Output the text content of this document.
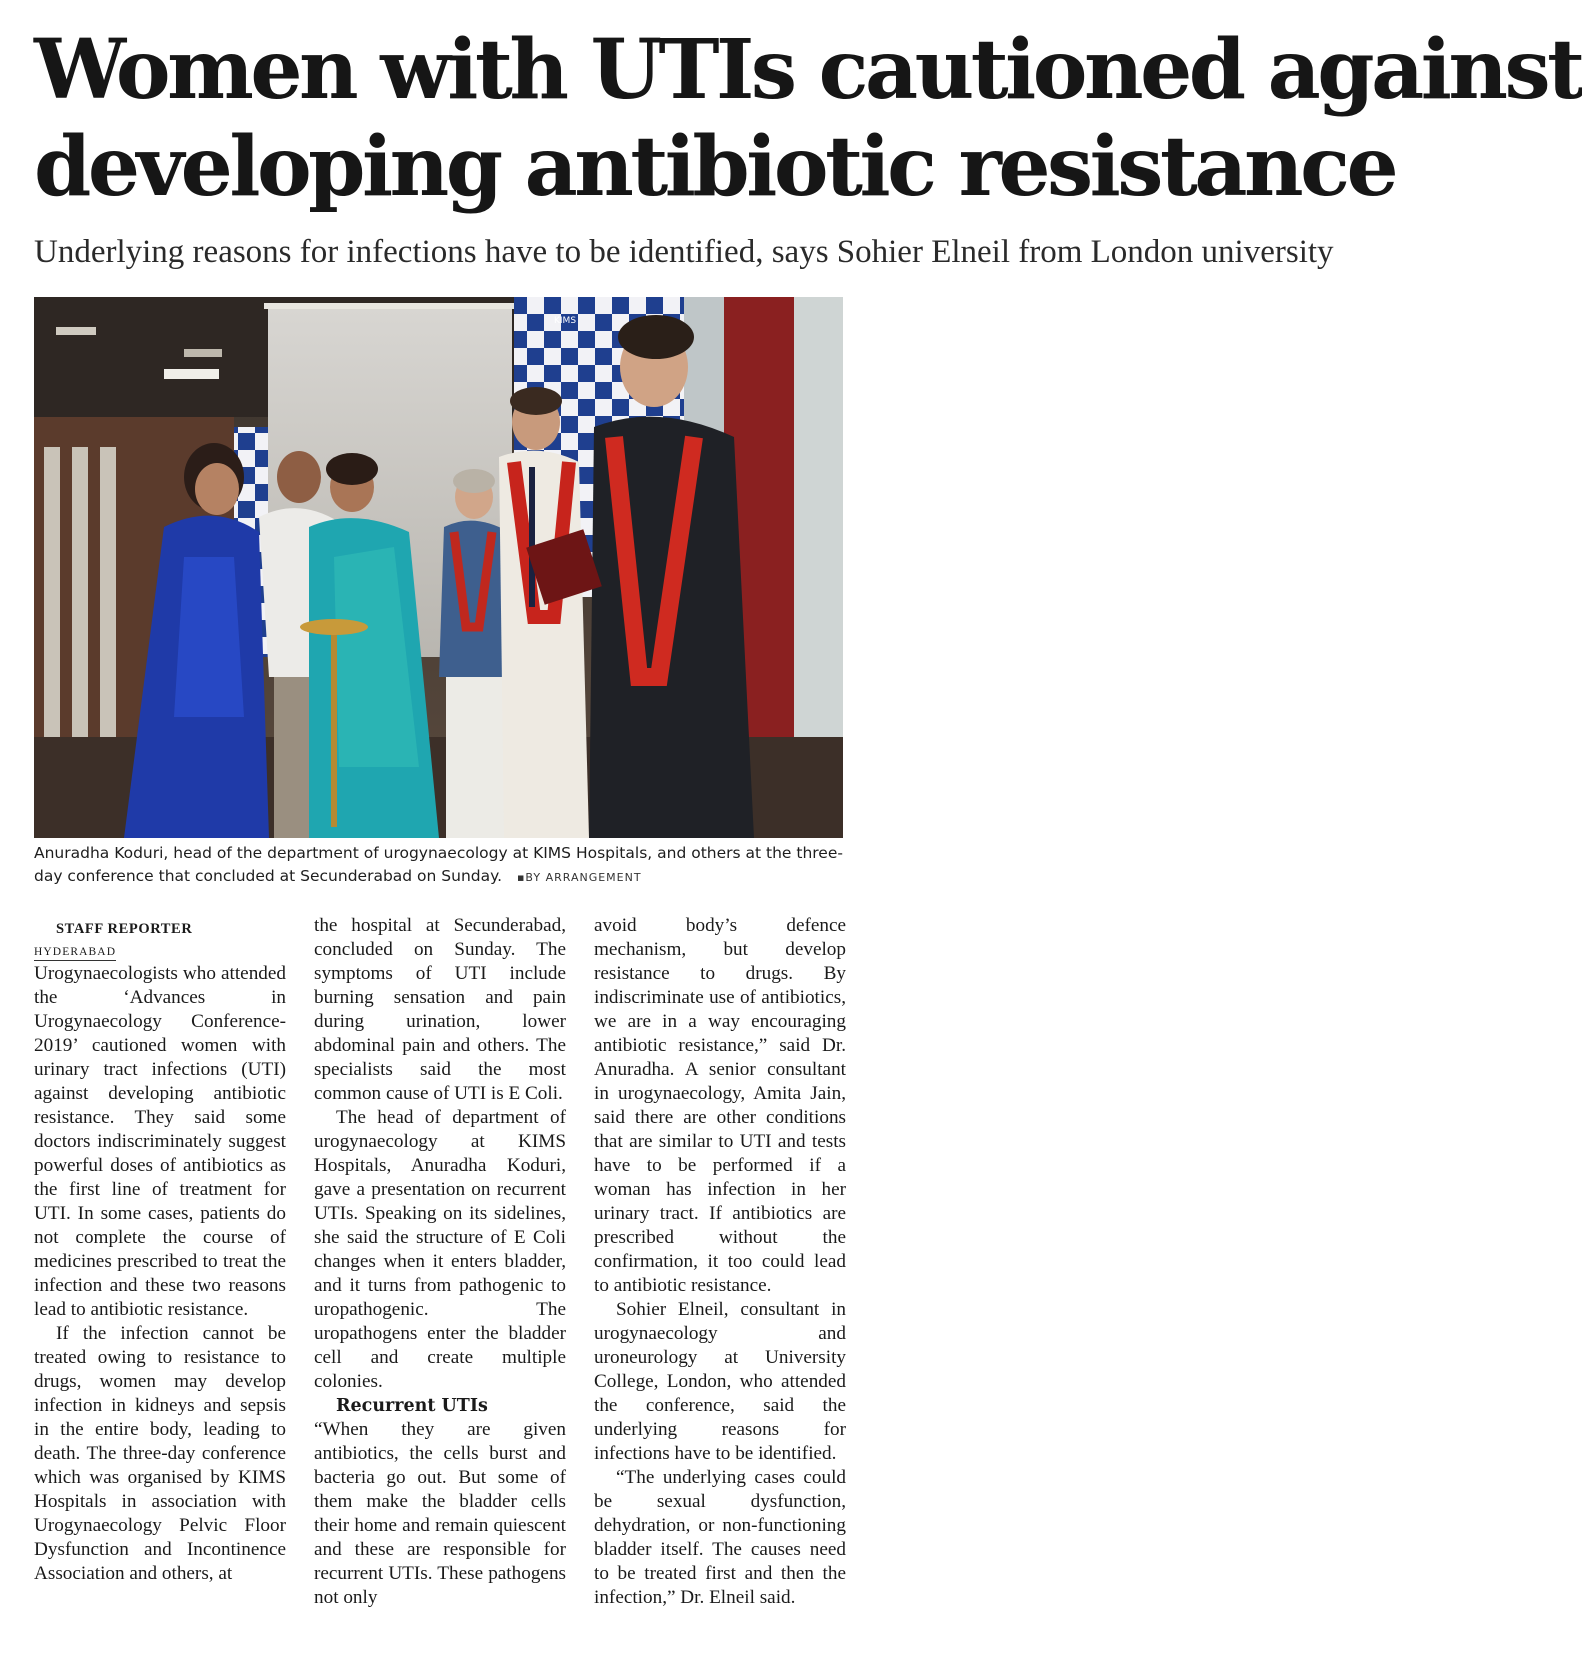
Women with UTIs cautioned against
developing antibiotic resistance

Underlying reasons for infections have to be identified, says Sohier Elneil from London university

KIMS
Anuradha Koduri, head of the department of urogynaecology at KIMS Hospitals, and others at the three-day conference that concluded at Secunderabad on Sunday. ▪ BY ARRANGEMENT

STAFF REPORTER

HYDERABAD

Urogynaecologists who attended the ‘Advances in Urogynaecology Conference-2019’ cautioned women with urinary tract infections (UTI) against developing antibiotic resistance. They said some doctors indiscriminately suggest powerful doses of antibiotics as the first line of treatment for UTI. In some cases, patients do not complete the course of medicines prescribed to treat the infection and these two reasons lead to antibiotic resistance.

If the infection cannot be treated owing to resistance to drugs, women may develop infection in kidneys and sepsis in the entire body, leading to death. The three-day conference which was organised by KIMS Hospitals in association with Urogynaecology Pelvic Floor Dysfunction and Incontinence Association and others, at

the hospital at Secunderabad, concluded on Sunday. The symptoms of UTI include burning sensation and pain during urination, lower abdominal pain and others. The specialists said the most common cause of UTI is E Coli.

The head of department of urogynaecology at KIMS Hospitals, Anuradha Koduri, gave a presentation on recurrent UTIs. Speaking on its sidelines, she said the structure of E Coli changes when it enters bladder, and it turns from pathogenic to uropathogenic. The uropathogens enter the bladder cell and create multiple colonies.

Recurrent UTIs

“When they are given antibiotics, the cells burst and bacteria go out. But some of them make the bladder cells their home and remain quiescent and these are responsible for recurrent UTIs. These pathogens not only

avoid body’s defence mechanism, but develop resistance to drugs. By indiscriminate use of antibiotics, we are in a way encouraging antibiotic resistance,” said Dr. Anuradha. A senior consultant in urogynaecology, Amita Jain, said there are other conditions that are similar to UTI and tests have to be performed if a woman has infection in her urinary tract. If antibiotics are prescribed without the confirmation, it too could lead to antibiotic resistance.

Sohier Elneil, consultant in urogynaecology and uroneurology at University College, London, who attended the conference, said the underlying reasons for infections have to be identified.

“The underlying cases could be sexual dysfunction, dehydration, or non-functioning bladder itself. The causes need to be treated first and then the infection,” Dr. Elneil said.
